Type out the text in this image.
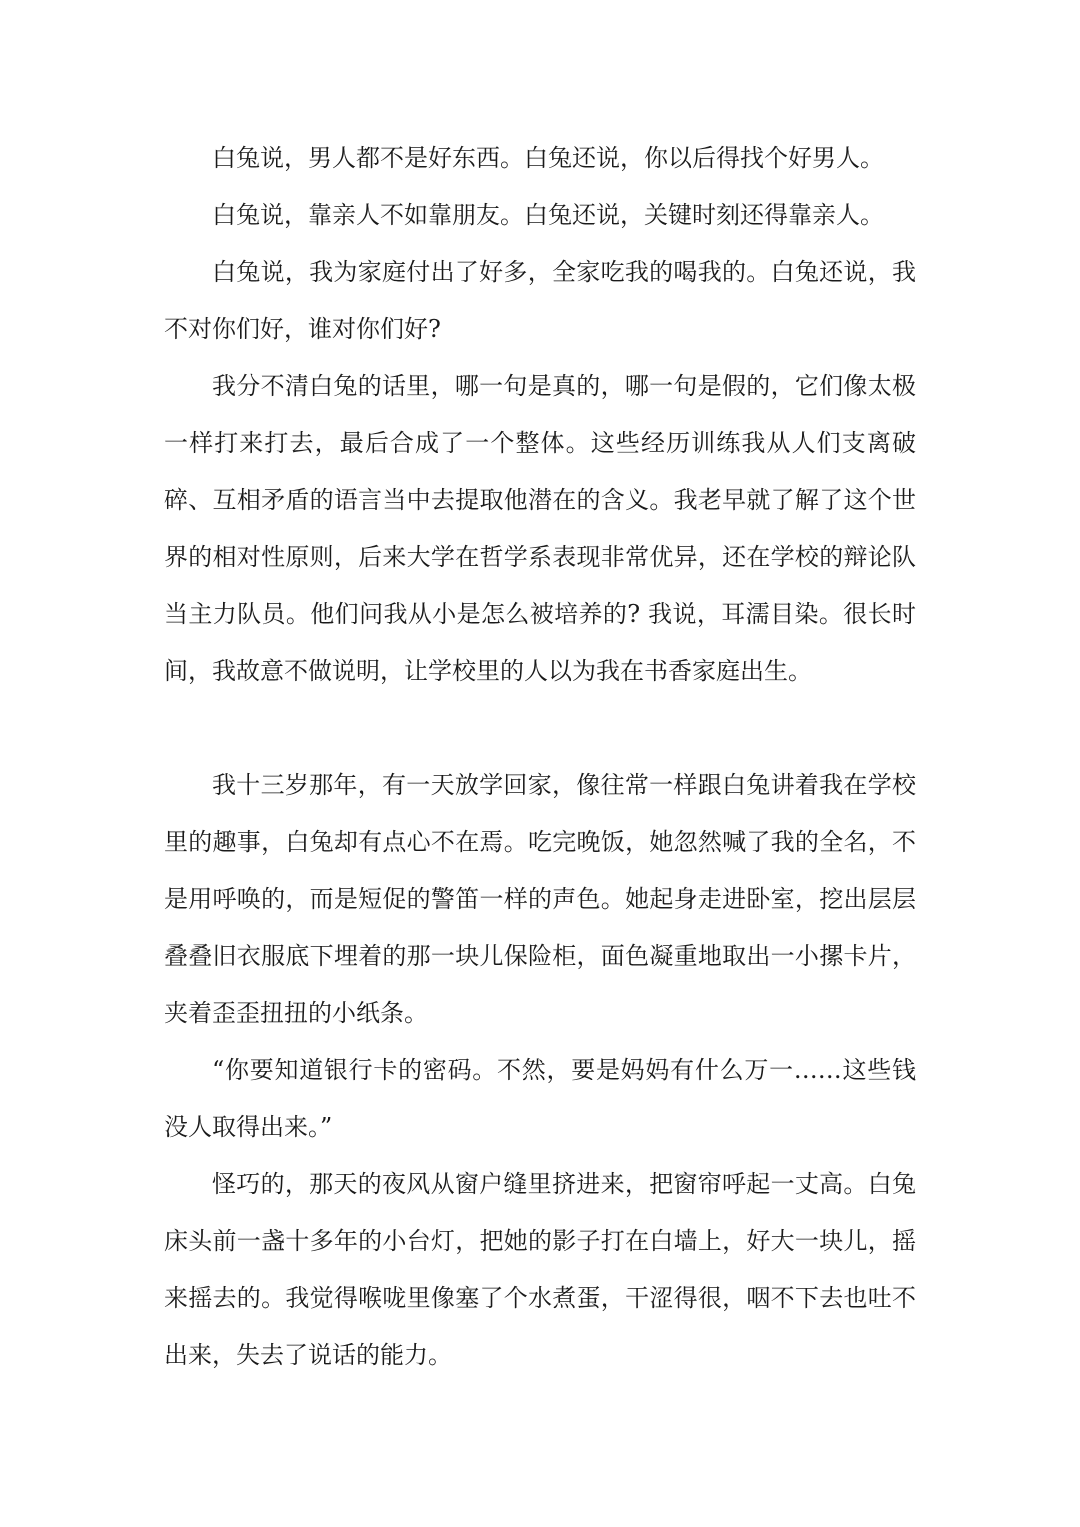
白兔说，男人都不是好东西。白兔还说，你以后得找个好男人。

白兔说，靠亲人不如靠朋友。白兔还说，关键时刻还得靠亲人。

白兔说，我为家庭付出了好多，全家吃我的喝我的。白兔还说，我不对你们好，谁对你们好?

我分不清白兔的话里，哪一句是真的，哪一句是假的，它们像太极一样打来打去，最后合成了一个整体。这些经历训练我从人们支离破碎、互相矛盾的语言当中去提取他潜在的含义。我老早就了解了这个世界的相对性原则，后来大学在哲学系表现非常优异，还在学校的辩论队当主力队员。他们问我从小是怎么被培养的? 我说，耳濡目染。很长时间，我故意不做说明，让学校里的人以为我在书香家庭出生。

我十三岁那年，有一天放学回家，像往常一样跟白兔讲着我在学校里的趣事，白兔却有点心不在焉。吃完晚饭，她忽然喊了我的全名，不是用呼唤的，而是短促的警笛一样的声色。她起身走进卧室，挖出层层叠叠旧衣服底下埋着的那一块儿保险柜，面色凝重地取出一小摞卡片，夹着歪歪扭扭的小纸条。

“你要知道银行卡的密码。不然，要是妈妈有什么万一……这些钱没人取得出来。”

怪巧的，那天的夜风从窗户缝里挤进来，把窗帘呼起一丈高。白兔床头前一盏十多年的小台灯，把她的影子打在白墙上，好大一块儿，摇来摇去的。我觉得喉咙里像塞了个水煮蛋，干涩得很，咽不下去也吐不出来，失去了说话的能力。
